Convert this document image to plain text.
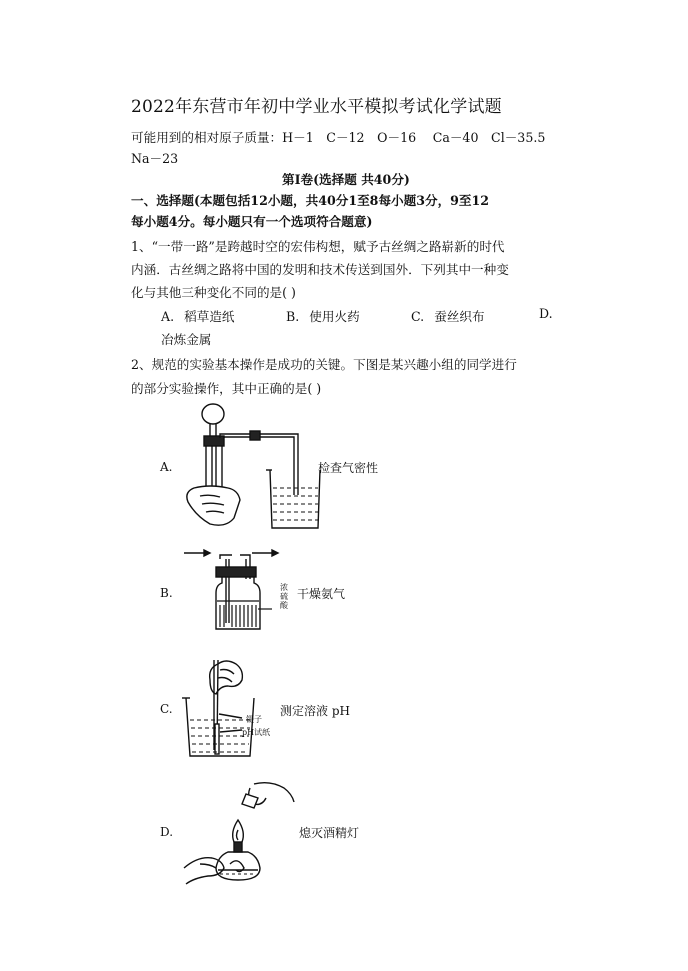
2022年东营市年初中学业水平模拟考试化学试题
可能用到的相对原子质量：H－1　C－12　O－16　 Ca－40　Cl－35.5
Na－23
第Ⅰ卷(选择题 共40分)
一、选择题(本题包括12小题，共40分1至8每小题3分，9至12
每小题4分。每小题只有一个选项符合题意)
1、“一带一路”是跨越时空的宏伟构想，赋予古丝绸之路崭新的时代
内涵．古丝绸之路将中国的发明和技术传送到国外．下列其中一种变
化与其他三种变化不同的是( )
A. 稻草造纸	B. 使用火药	C. 蚕丝织布	D.
冶炼金属
2、规范的实验基本操作是成功的关键。下图是某兴趣小组的同学进行
的部分实验操作，其中正确的是( )
A.	检查气密性
B.	浓硫酸
干燥氨气
C.
镊子
pH试纸
测定溶液 pH
D.	熄灭酒精灯
